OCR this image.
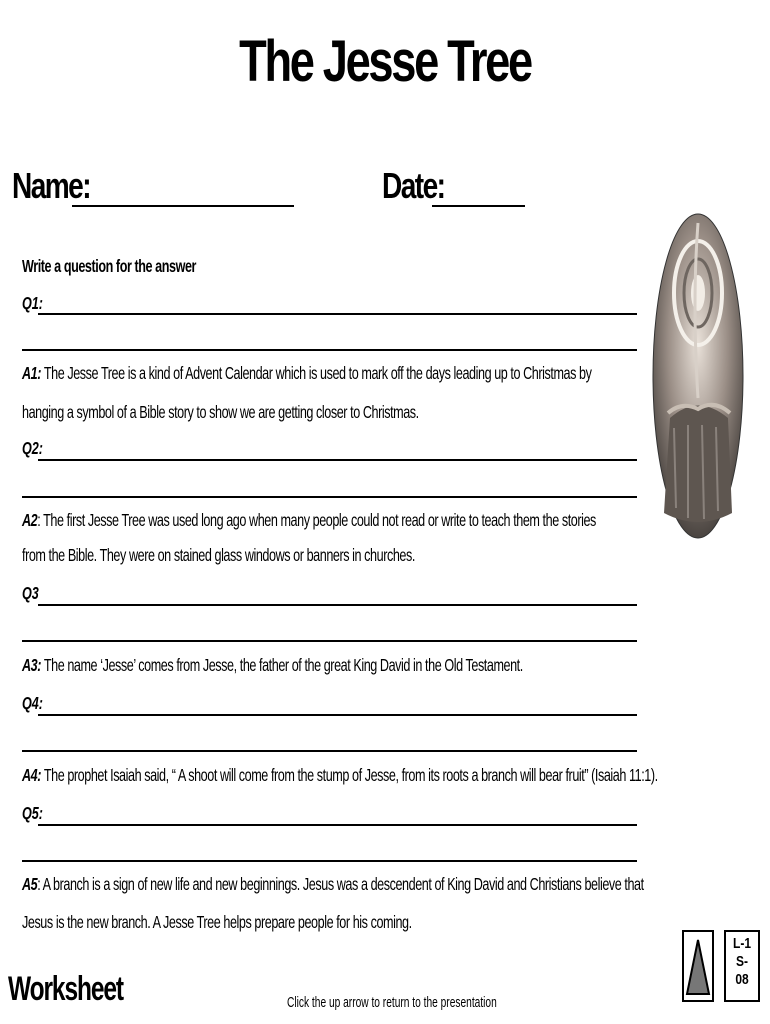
The Jesse Tree
Name:	Date:
Write a question for the answer
Q1:
A1: The Jesse Tree is a kind of Advent Calendar which is used to mark off the days leading up to Christmas by
hanging a symbol of a Bible story to show we are getting closer to Christmas.
Q2:
A2: The first Jesse Tree was used long ago when many people could not read or write to teach them the stories
from the Bible. They were on stained glass windows or banners in churches.
Q3
A3: The name ‘Jesse’ comes from Jesse, the father of the great King David in the Old Testament.
Q4:
A4: The prophet Isaiah said, “ A shoot will come from the stump of Jesse, from its roots a branch will bear fruit” (Isaiah 11:1).
Q5:
A5: A branch is a sign of new life and new beginnings. Jesus was a descendent of King David and Christians believe that
Jesus is the new branch. A Jesse Tree helps prepare people for his coming.
Worksheet	Click the up arrow to return to the presentation
L-1
S-08
